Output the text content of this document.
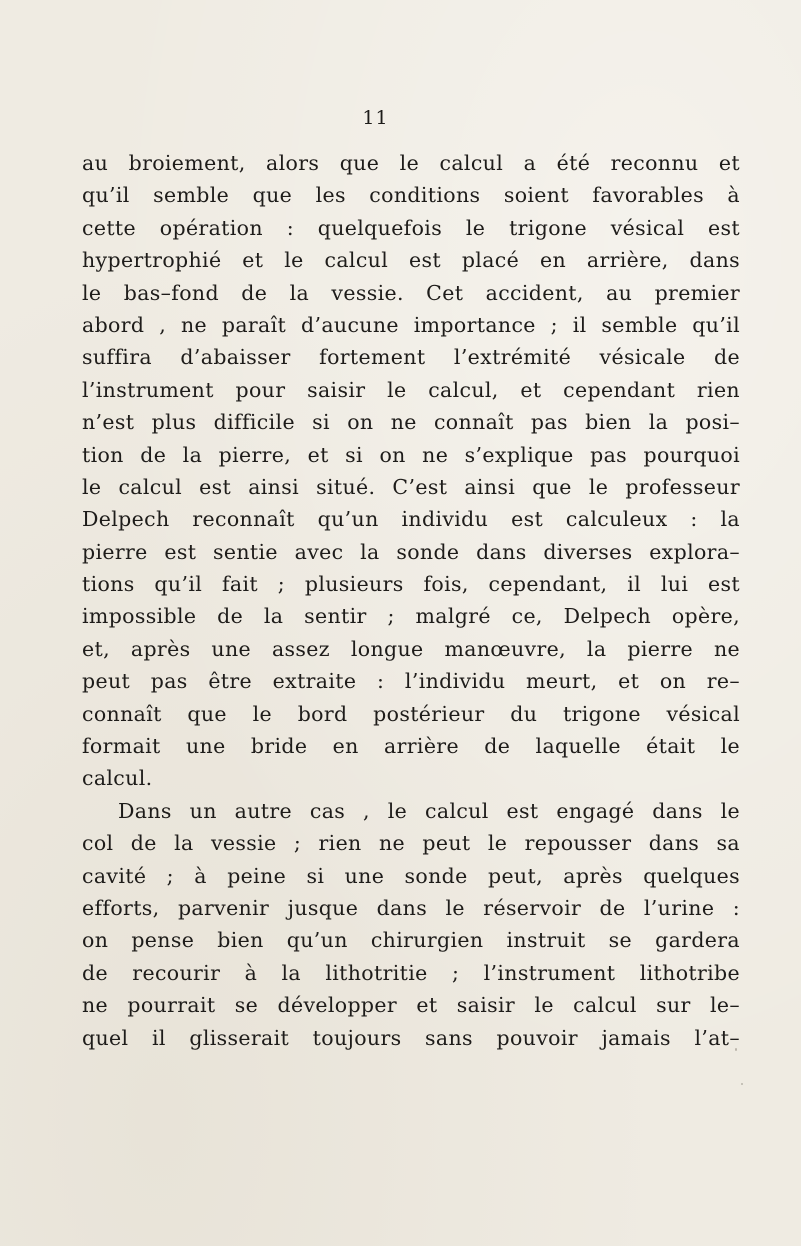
11
au broiement, alors que le calcul a été reconnu et
qu’il semble que les conditions soient favorables à
cette opération : quelquefois le trigone vésical est
hypertrophié et le calcul est placé en arrière, dans
le bas–fond de la vessie. Cet accident, au premier
abord , ne paraît d’aucune importance ; il semble qu’il
suffira d’abaisser fortement l’extrémité vésicale de
l’instrument pour saisir le calcul, et cependant rien
n’est plus difficile si on ne connaît pas bien la posi–
tion de la pierre, et si on ne s’explique pas pourquoi
le calcul est ainsi situé. C’est ainsi que le professeur
Delpech reconnaît qu’un individu est calculeux : la
pierre est sentie avec la sonde dans diverses explora–
tions qu’il fait ; plusieurs fois, cependant, il lui est
impossible de la sentir ; malgré ce, Delpech opère,
et, après une assez longue manœuvre, la pierre ne
peut pas être extraite : l’individu meurt, et on re–
connaît que le bord postérieur du trigone vésical
formait une bride en arrière de laquelle était le
calcul.
Dans un autre cas , le calcul est engagé dans le
col de la vessie ; rien ne peut le repousser dans sa
cavité ; à peine si une sonde peut, après quelques
efforts, parvenir jusque dans le réservoir de l’urine :
on pense bien qu’un chirurgien instruit se gardera
de recourir à la lithotritie ; l’instrument lithotribe
ne pourrait se développer et saisir le calcul sur le–
quel il glisserait toujours sans pouvoir jamais l’at–
